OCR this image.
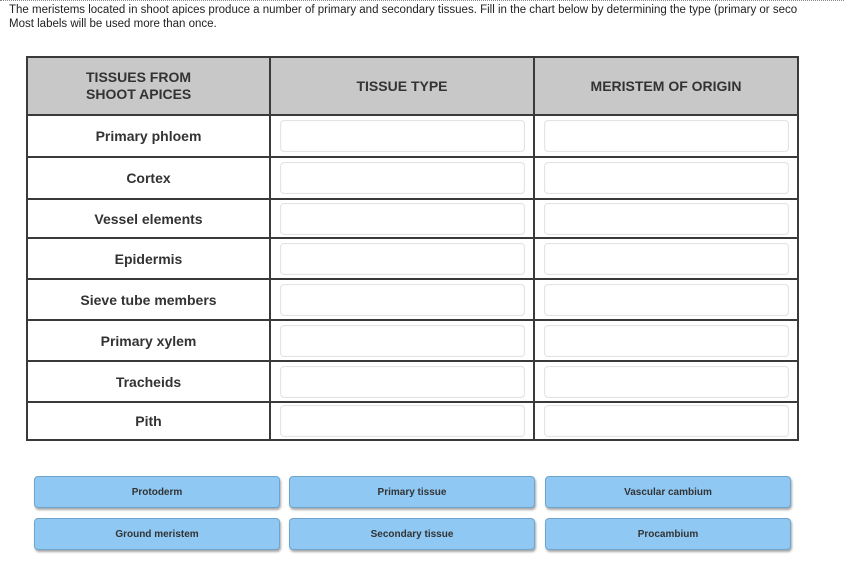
The meristems located in shoot apices produce a number of primary and secondary tissues. Fill in the chart below by determining the type (primary or seco
Most labels will be used more than once.
TISSUES FROM
SHOOT APICES	TISSUE TYPE	MERISTEM OF ORIGIN
Primary phloem	

Cortex	

Vessel elements	

Epidermis	

Sieve tube members	

Primary xylem	

Tracheids	

Pith	

Protoderm	Primary tissue	Vascular cambium
Ground meristem	Secondary tissue	Procambium
